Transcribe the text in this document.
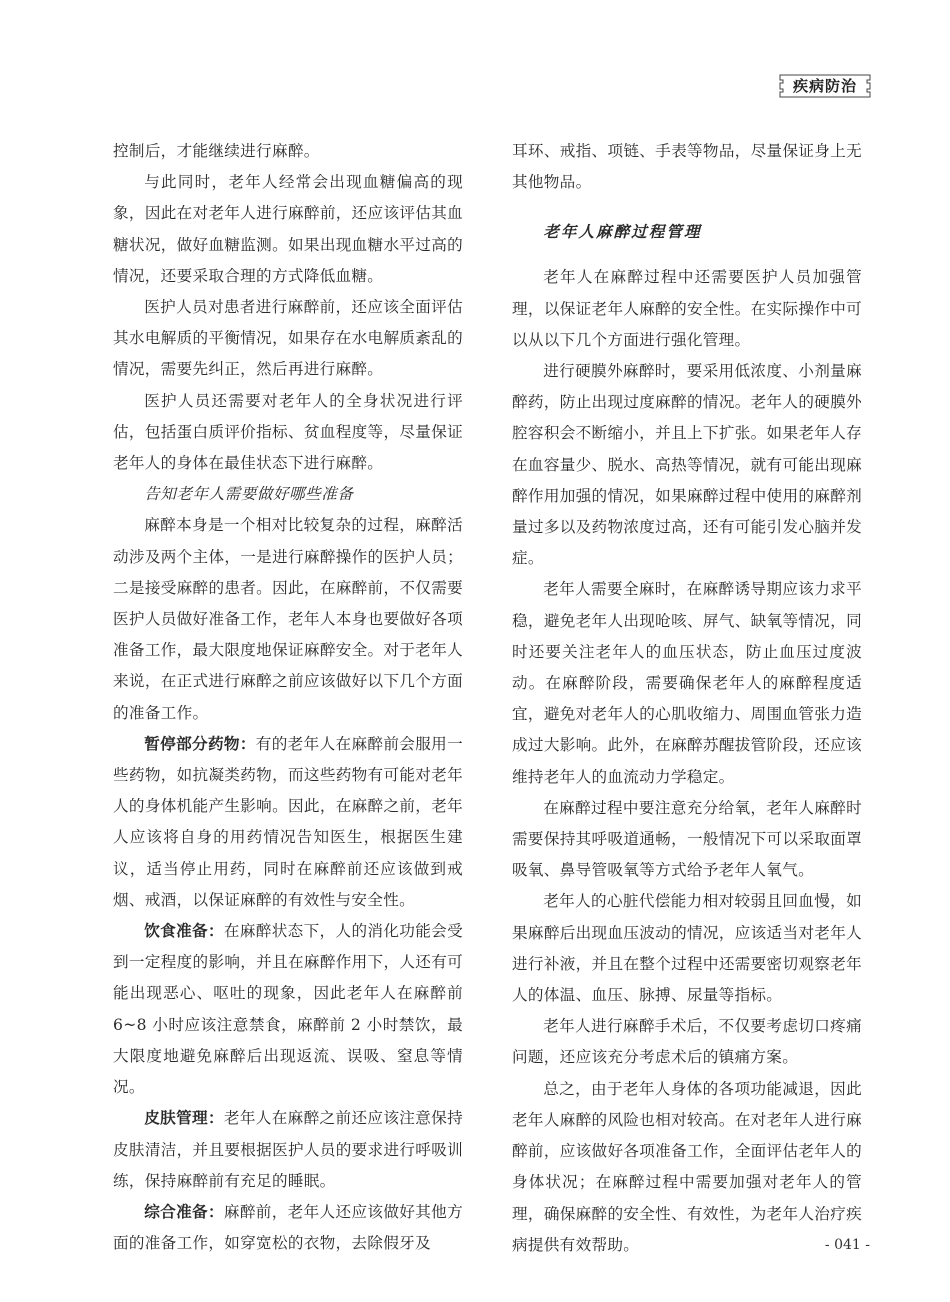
疾病防治

控制后，才能继续进行麻醉。

与此同时，老年人经常会出现血糖偏高的现象，因此在对老年人进行麻醉前，还应该评估其血糖状况，做好血糖监测。如果出现血糖水平过高的情况，还要采取合理的方式降低血糖。

医护人员对患者进行麻醉前，还应该全面评估其水电解质的平衡情况，如果存在水电解质紊乱的情况，需要先纠正，然后再进行麻醉。

医护人员还需要对老年人的全身状况进行评估，包括蛋白质评价指标、贫血程度等，尽量保证老年人的身体在最佳状态下进行麻醉。

告知老年人需要做好哪些准备

麻醉本身是一个相对比较复杂的过程，麻醉活动涉及两个主体，一是进行麻醉操作的医护人员；二是接受麻醉的患者。因此，在麻醉前，不仅需要医护人员做好准备工作，老年人本身也要做好各项准备工作，最大限度地保证麻醉安全。对于老年人来说，在正式进行麻醉之前应该做好以下几个方面的准备工作。

暂停部分药物：有的老年人在麻醉前会服用一些药物，如抗凝类药物，而这些药物有可能对老年人的身体机能产生影响。因此，在麻醉之前，老年人应该将自身的用药情况告知医生，根据医生建议，适当停止用药，同时在麻醉前还应该做到戒烟、戒酒，以保证麻醉的有效性与安全性。

饮食准备：在麻醉状态下，人的消化功能会受到一定程度的影响，并且在麻醉作用下，人还有可能出现恶心、呕吐的现象，因此老年人在麻醉前 6~8 小时应该注意禁食，麻醉前 2 小时禁饮，最大限度地避免麻醉后出现返流、误吸、窒息等情况。

皮肤管理：老年人在麻醉之前还应该注意保持皮肤清洁，并且要根据医护人员的要求进行呼吸训练，保持麻醉前有充足的睡眠。

综合准备：麻醉前，老年人还应该做好其他方面的准备工作，如穿宽松的衣物，去除假牙及

耳环、戒指、项链、手表等物品，尽量保证身上无其他物品。

老年人麻醉过程管理

老年人在麻醉过程中还需要医护人员加强管理，以保证老年人麻醉的安全性。在实际操作中可以从以下几个方面进行强化管理。

进行硬膜外麻醉时，要采用低浓度、小剂量麻醉药，防止出现过度麻醉的情况。老年人的硬膜外腔容积会不断缩小，并且上下扩张。如果老年人存在血容量少、脱水、高热等情况，就有可能出现麻醉作用加强的情况，如果麻醉过程中使用的麻醉剂量过多以及药物浓度过高，还有可能引发心脑并发症。

老年人需要全麻时，在麻醉诱导期应该力求平稳，避免老年人出现呛咳、屏气、缺氧等情况，同时还要关注老年人的血压状态，防止血压过度波动。在麻醉阶段，需要确保老年人的麻醉程度适宜，避免对老年人的心肌收缩力、周围血管张力造成过大影响。此外，在麻醉苏醒拔管阶段，还应该维持老年人的血流动力学稳定。

在麻醉过程中要注意充分给氧，老年人麻醉时需要保持其呼吸道通畅，一般情况下可以采取面罩吸氧、鼻导管吸氧等方式给予老年人氧气。

老年人的心脏代偿能力相对较弱且回血慢，如果麻醉后出现血压波动的情况，应该适当对老年人进行补液，并且在整个过程中还需要密切观察老年人的体温、血压、脉搏、尿量等指标。

老年人进行麻醉手术后，不仅要考虑切口疼痛问题，还应该充分考虑术后的镇痛方案。

总之，由于老年人身体的各项功能减退，因此老年人麻醉的风险也相对较高。在对老年人进行麻醉前，应该做好各项准备工作，全面评估老年人的身体状况；在麻醉过程中需要加强对老年人的管理，确保麻醉的安全性、有效性，为老年人治疗疾病提供有效帮助。	- 041 -
